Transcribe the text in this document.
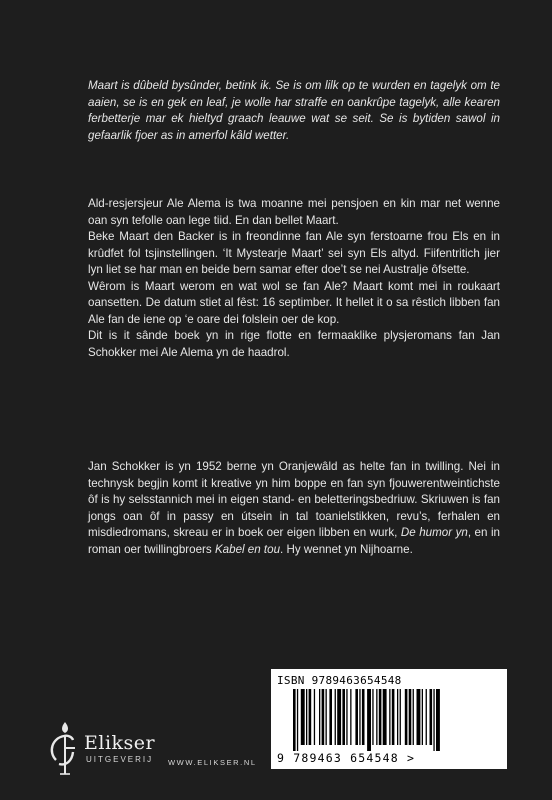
Maart is dûbeld bysûnder, betink ik. Se is om lilk op te wurden en tagelyk om te aaien, se is en gek en leaf, je wolle har straffe en oankrûpe tagelyk, alle kearen ferbetterje mar ek hieltyd graach leauwe wat se seit. Se is bytiden sawol in gefaarlik fjoer as in amerfol kâld wetter.

Ald-resjersjeur Ale Alema is twa moanne mei pensjoen en kin mar net wenne oan syn tefolle oan lege tiid. En dan bellet Maart.

Beke Maart den Backer is in freondinne fan Ale syn ferstoarne frou Els en in krûdfet fol tsjinstellingen. ‘It Mystearje Maart’ sei syn Els altyd. Fiifentritich jier lyn liet se har man en beide bern samar efter doe’t se nei Australje ôfsette.

Wêrom is Maart werom en wat wol se fan Ale? Maart komt mei in roukaart oansetten. De datum stiet al fêst: 16 septimber. It hellet it o sa rêstich libben fan Ale fan de iene op ‘e oare dei folslein oer de kop.

Dit is it sânde boek yn in rige flotte en fermaaklike plysjeromans fan Jan Schokker mei Ale Alema yn de haadrol.

Jan Schokker is yn 1952 berne yn Oranjewâld as helte fan in twilling. Nei in technysk begjin komt it kreative yn him boppe en fan syn fjouwerentweintichste ôf is hy selsstannich mei in eigen stand- en beletteringsbedriuw. Skriuwen is fan jongs oan ôf in passy en útsein in tal toanielstikken, revu’s, ferhalen en misdiedromans, skreau er in boek oer eigen libben en wurk, De humor yn, en in roman oer twillingbroers Kabel en tou. Hy wennet yn Nijhoarne.

Elikser
UITGEVERIJ WWW.ELIKSER.NL
ISBN 9789463654548
9 789463 654548 >
